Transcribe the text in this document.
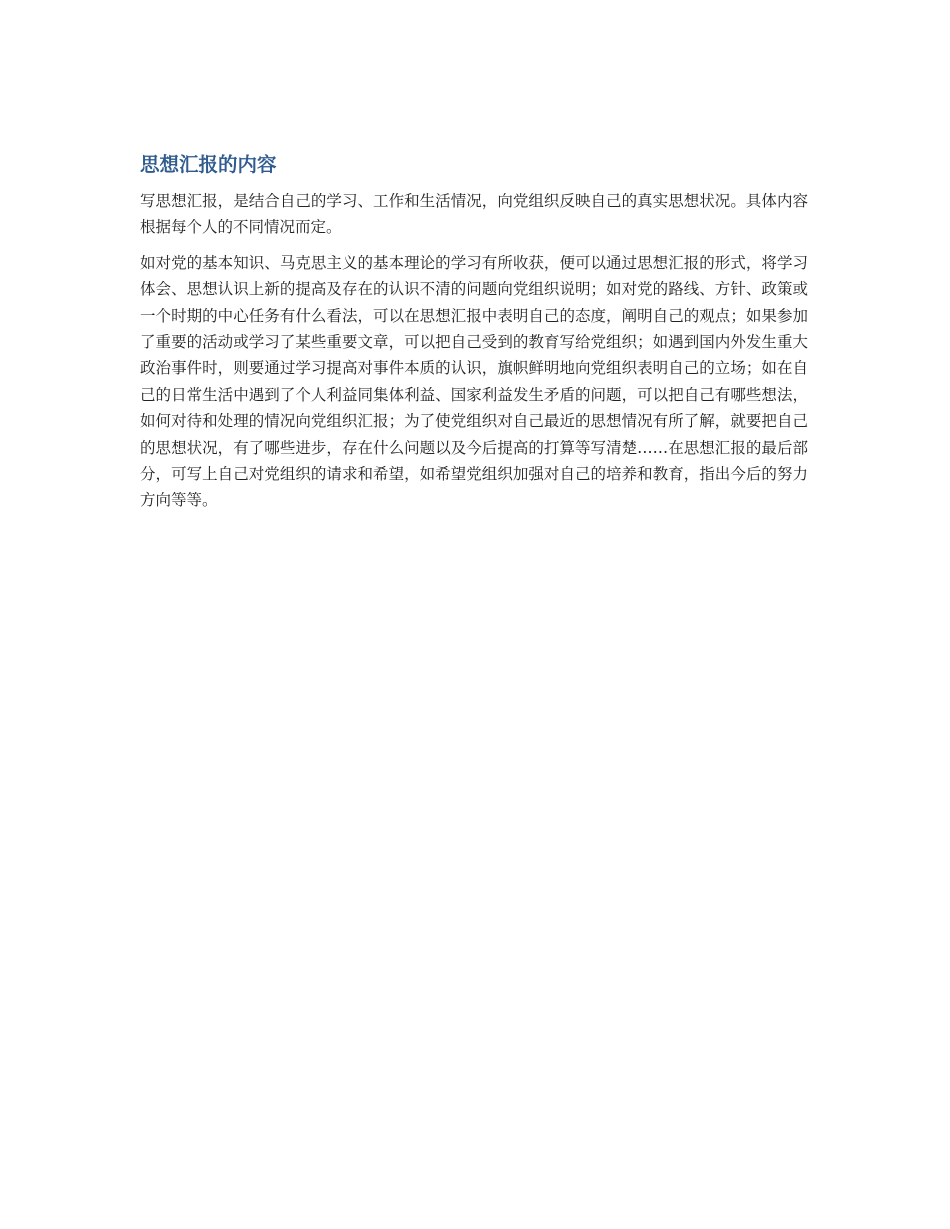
思想汇报的内容

写思想汇报，是结合自己的学习、工作和生活情况，向党组织反映自己的真实思想状况。具体内容根据每个人的不同情况而定。

如对党的基本知识、马克思主义的基本理论的学习有所收获，便可以通过思想汇报的形式，将学习体会、思想认识上新的提高及存在的认识不清的问题向党组织说明；如对党的路线、方针、政策或一个时期的中心任务有什么看法，可以在思想汇报中表明自己的态度，阐明自己的观点；如果参加了重要的活动或学习了某些重要文章，可以把自己受到的教育写给党组织；如遇到国内外发生重大政治事件时，则要通过学习提高对事件本质的认识，旗帜鲜明地向党组织表明自己的立场；如在自己的日常生活中遇到了个人利益同集体利益、国家利益发生矛盾的问题，可以把自己有哪些想法，如何对待和处理的情况向党组织汇报；为了使党组织对自己最近的思想情况有所了解，就要把自己的思想状况，有了哪些进步，存在什么问题以及今后提高的打算等写清楚……在思想汇报的最后部分，可写上自己对党组织的请求和希望，如希望党组织加强对自己的培养和教育，指出今后的努力方向等等。
